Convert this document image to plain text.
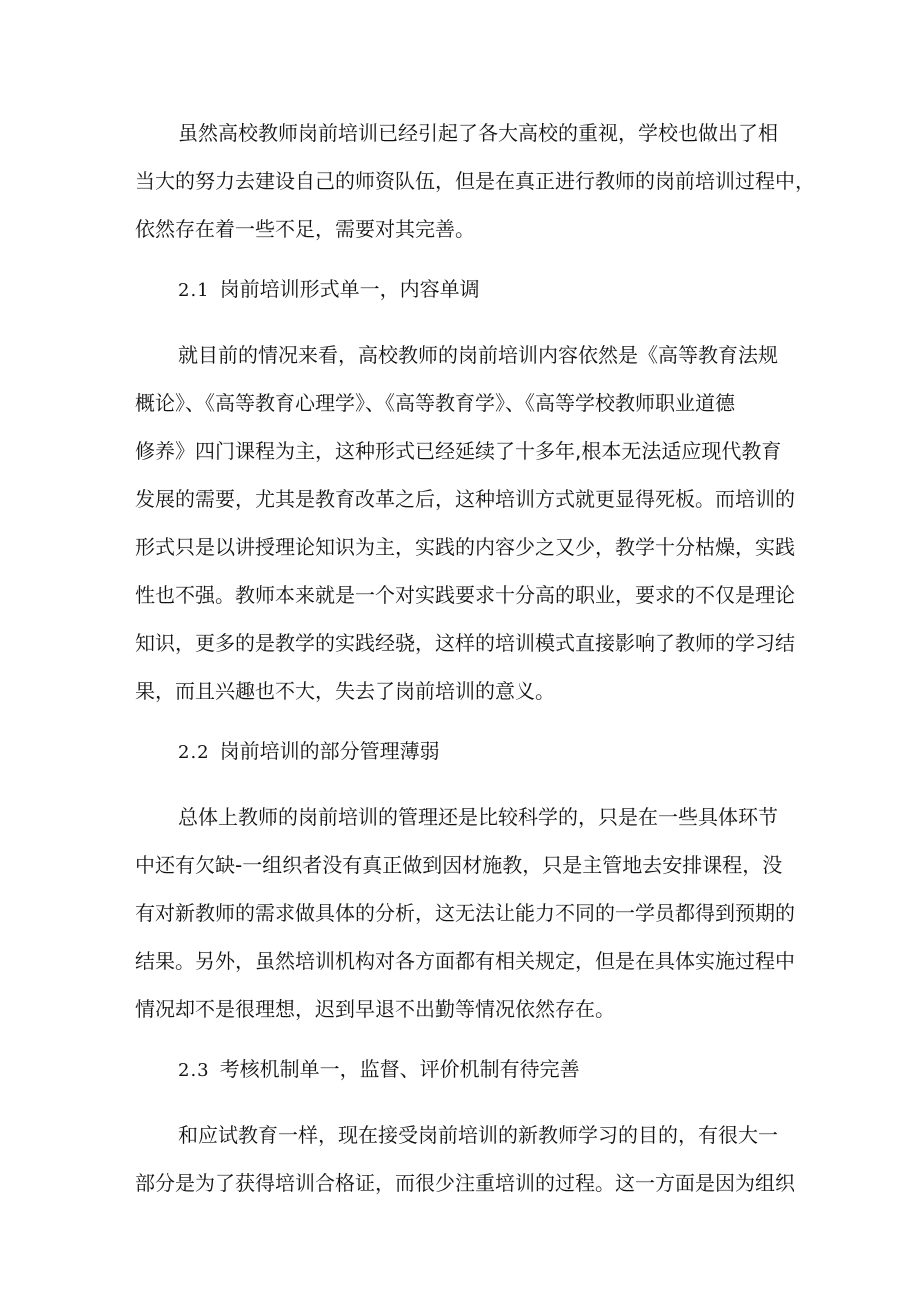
虽然高校教师岗前培训已经引起了各大高校的重视，学校也做出了相
当大的努力去建设自己的师资队伍，但是在真正进行教师的岗前培训过程中，
依然存在着一些不足，需要对其完善。
2.1 岗前培训形式单一，内容单调
就目前的情况来看，高校教师的岗前培训内容依然是《高等教育法规
概论》、《高等教育心理学》、《高等教育学》、《高等学校教师职业道德
修养》四门课程为主，这种形式已经延续了十多年,根本无法适应现代教育
发展的需要，尤其是教育改革之后，这种培训方式就更显得死板。而培训的
形式只是以讲授理论知识为主，实践的内容少之又少，教学十分枯燥，实践
性也不强。教师本来就是一个对实践要求十分高的职业，要求的不仅是理论
知识，更多的是教学的实践经骁，这样的培训模式直接影响了教师的学习结
果，而且兴趣也不大，失去了岗前培训的意义。
2.2 岗前培训的部分管理薄弱
总体上教师的岗前培训的管理还是比较科学的，只是在一些具体环节
中还有欠缺-一组织者没有真正做到因材施教，只是主管地去安排课程，没
有对新教师的需求做具体的分析，这无法让能力不同的一学员都得到预期的
结果。另外，虽然培训机构对各方面都有相关规定，但是在具体实施过程中
情况却不是很理想，迟到早退不出勤等情况依然存在。
2.3 考核机制单一，监督、评价机制有待完善
和应试教育一样，现在接受岗前培训的新教师学习的目的，有很大一
部分是为了获得培训合格证，而很少注重培训的过程。这一方面是因为组织
